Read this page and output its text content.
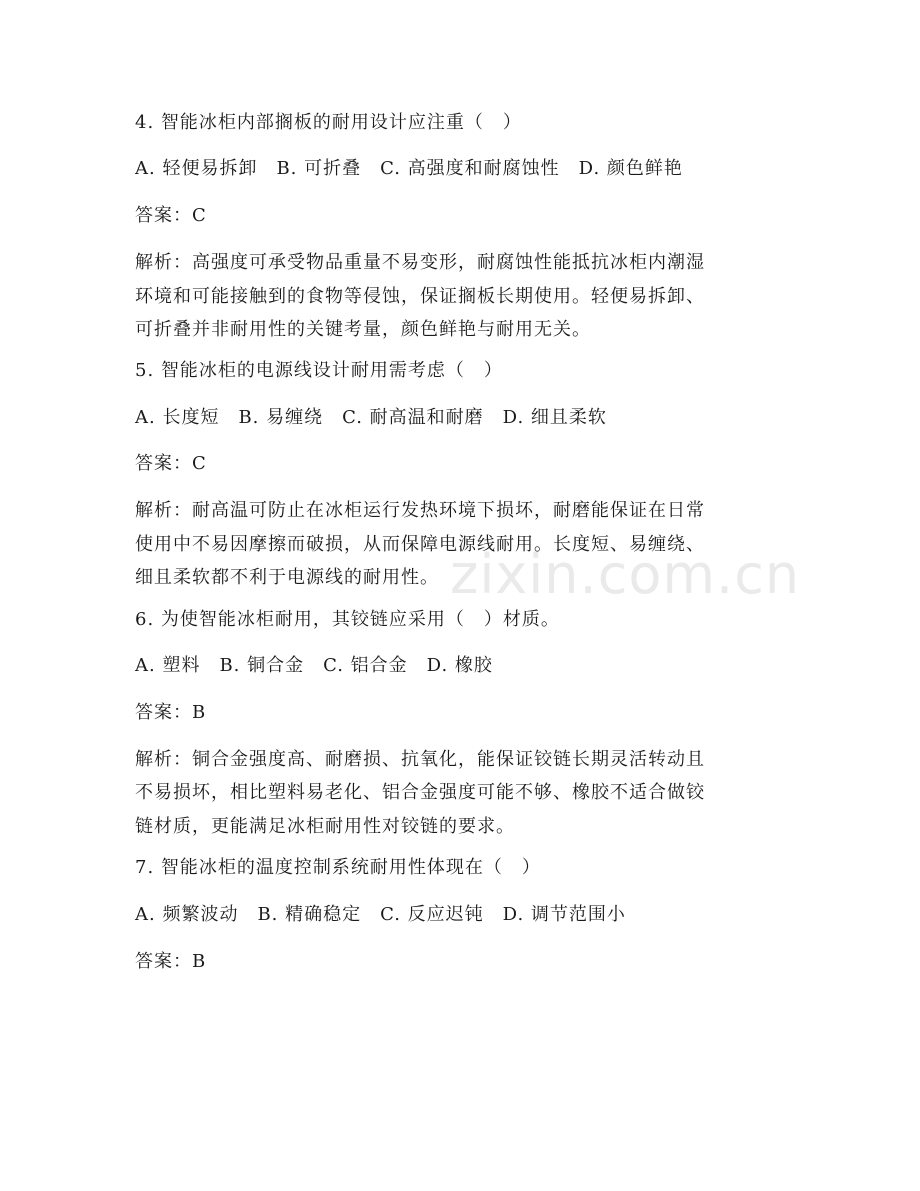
zixin.com.cn
4. 智能冰柜内部搁板的耐用设计应注重（　）
A. 轻便易拆卸　B. 可折叠　C. 高强度和耐腐蚀性　D. 颜色鲜艳
答案：C
解析：高强度可承受物品重量不易变形，耐腐蚀性能抵抗冰柜内潮湿
环境和可能接触到的食物等侵蚀，保证搁板长期使用。轻便易拆卸、
可折叠并非耐用性的关键考量，颜色鲜艳与耐用无关。
5. 智能冰柜的电源线设计耐用需考虑（　）
A. 长度短　B. 易缠绕　C. 耐高温和耐磨　D. 细且柔软
答案：C
解析：耐高温可防止在冰柜运行发热环境下损坏，耐磨能保证在日常
使用中不易因摩擦而破损，从而保障电源线耐用。长度短、易缠绕、
细且柔软都不利于电源线的耐用性。
6. 为使智能冰柜耐用，其铰链应采用（　）材质。
A. 塑料　B. 铜合金　C. 铝合金　D. 橡胶
答案：B
解析：铜合金强度高、耐磨损、抗氧化，能保证铰链长期灵活转动且
不易损坏，相比塑料易老化、铝合金强度可能不够、橡胶不适合做铰
链材质，更能满足冰柜耐用性对铰链的要求。
7. 智能冰柜的温度控制系统耐用性体现在（　）
A. 频繁波动　B. 精确稳定　C. 反应迟钝　D. 调节范围小
答案：B
